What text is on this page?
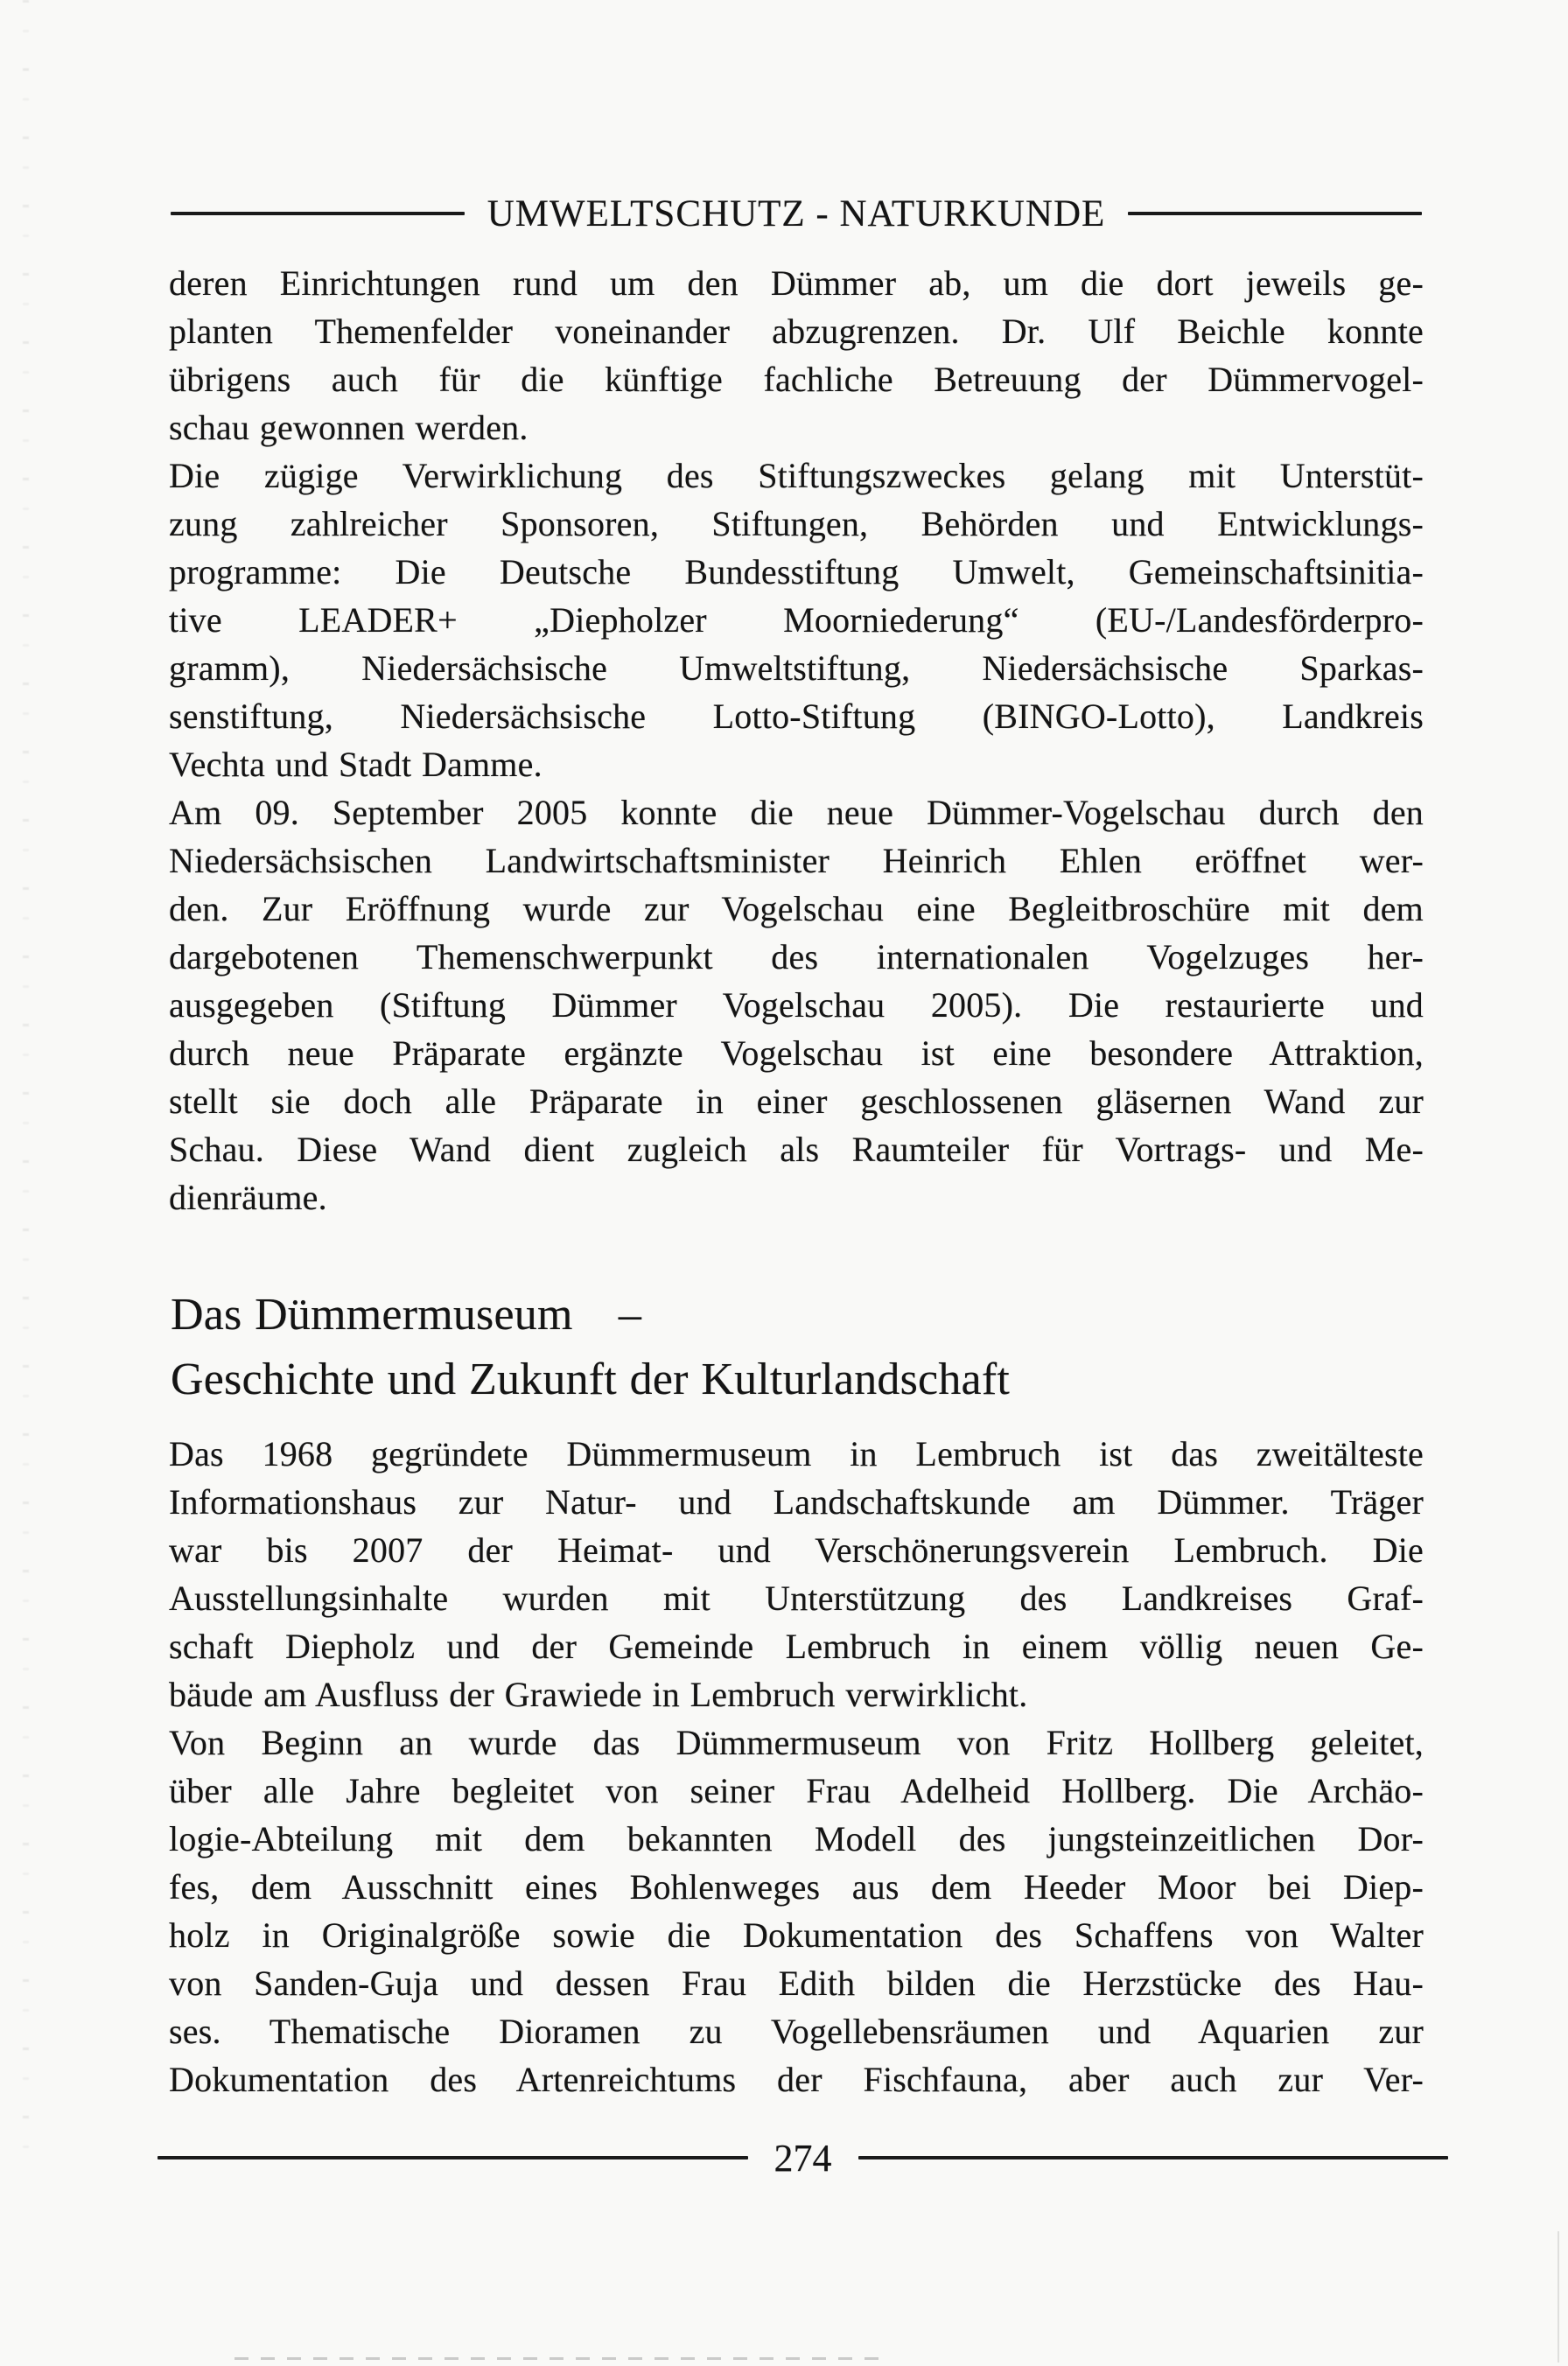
UMWELTSCHUTZ - NATURKUNDE
deren Einrichtungen rund um den Dümmer ab, um die dort jeweils ge-
planten Themenfelder voneinander abzugrenzen. Dr. Ulf Beichle konnte
übrigens auch für die künftige fachliche Betreuung der Dümmervogel-
schau gewonnen werden.
Die zügige Verwirklichung des Stiftungszweckes gelang mit Unterstüt-
zung zahlreicher Sponsoren, Stiftungen, Behörden und Entwicklungs-
programme: Die Deutsche Bundesstiftung Umwelt, Gemeinschaftsinitia-
tive LEADER+ „Diepholzer Moorniederung“ (EU-/Landesförderpro-
gramm), Niedersächsische Umweltstiftung, Niedersächsische Sparkas-
senstiftung, Niedersächsische Lotto-Stiftung (BINGO-Lotto), Landkreis
Vechta und Stadt Damme.
Am 09. September 2005 konnte die neue Dümmer-Vogelschau durch den
Niedersächsischen Landwirtschaftsminister Heinrich Ehlen eröffnet wer-
den. Zur Eröffnung wurde zur Vogelschau eine Begleitbroschüre mit dem
dargebotenen Themenschwerpunkt des internationalen Vogelzuges her-
ausgegeben (Stiftung Dümmer Vogelschau 2005). Die restaurierte und
durch neue Präparate ergänzte Vogelschau ist eine besondere Attraktion,
stellt sie doch alle Präparate in einer geschlossenen gläsernen Wand zur
Schau. Diese Wand dient zugleich als Raumteiler für Vortrags- und Me-
dienräume.
Das Dümmermuseum –
Geschichte und Zukunft der Kulturlandschaft
Das 1968 gegründete Dümmermuseum in Lembruch ist das zweitälteste
Informationshaus zur Natur- und Landschaftskunde am Dümmer. Träger
war bis 2007 der Heimat- und Verschönerungsverein Lembruch. Die
Ausstellungsinhalte wurden mit Unterstützung des Landkreises Graf-
schaft Diepholz und der Gemeinde Lembruch in einem völlig neuen Ge-
bäude am Ausfluss der Grawiede in Lembruch verwirklicht.
Von Beginn an wurde das Dümmermuseum von Fritz Hollberg geleitet,
über alle Jahre begleitet von seiner Frau Adelheid Hollberg. Die Archäo-
logie-Abteilung mit dem bekannten Modell des jungsteinzeitlichen Dor-
fes, dem Ausschnitt eines Bohlenweges aus dem Heeder Moor bei Diep-
holz in Originalgröße sowie die Dokumentation des Schaffens von Walter
von Sanden-Guja und dessen Frau Edith bilden die Herzstücke des Hau-
ses. Thematische Dioramen zu Vogellebensräumen und Aquarien zur
Dokumentation des Artenreichtums der Fischfauna, aber auch zur Ver-
274
